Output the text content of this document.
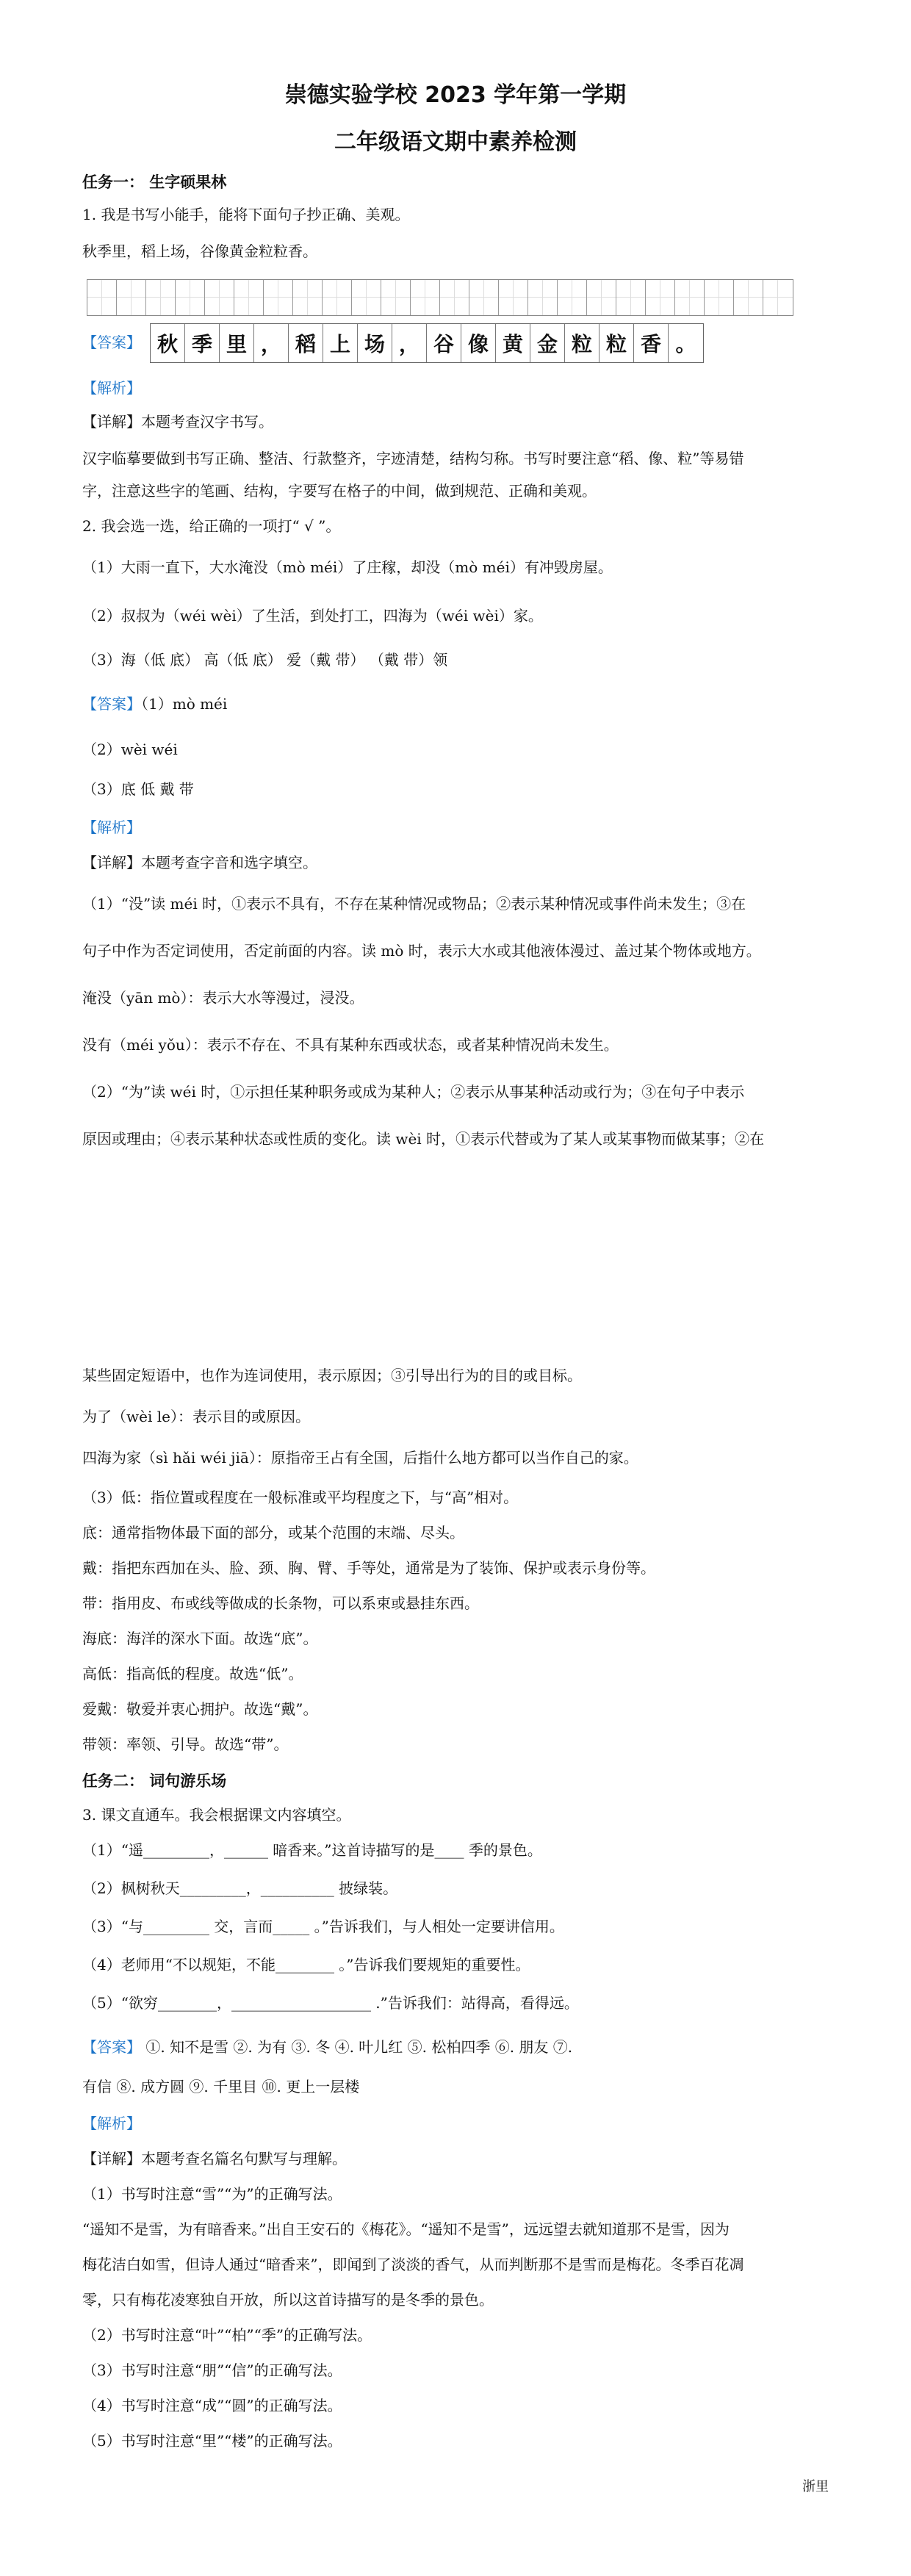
崇德实验学校 2023 学年第一学期
二年级语文期中素养检测
任务一： 生字硕果林
1. 我是书写小能手，能将下面句子抄正确、美观。
秋季里，稻上场，谷像黄金粒粒香。
【答案】 秋 季 里 ， 稻 上 场 ， 谷 像 黄 金 粒 粒 香 。
【解析】
【详解】本题考查汉字书写。
汉字临摹要做到书写正确、整洁、行款整齐，字迹清楚，结构匀称。书写时要注意“稻、像、粒”等易错
字，注意这些字的笔画、结构，字要写在格子的中间，做到规范、正确和美观。
2. 我会选一选，给正确的一项打“ √ ”。
（1）大雨一直下，大水淹没（mò méi）了庄稼，却没（mò méi）有冲毁房屋。
（2）叔叔为（wéi wèi）了生活，到处打工，四海为（wéi wèi）家。
（3）海（低 底） 高（低 底） 爱（戴 带） （戴 带）领
【答案】（1）mò méi
（2）wèi wéi
（3）底 低 戴 带
【解析】
【详解】本题考查字音和选字填空。
（1）“没”读 méi 时，①表示不具有，不存在某种情况或物品；②表示某种情况或事件尚未发生；③在
句子中作为否定词使用，否定前面的内容。读 mò 时，表示大水或其他液体漫过、盖过某个物体或地方。
淹没（yān mò）：表示大水等漫过，浸没。
没有（méi yǒu）：表示不存在、不具有某种东西或状态，或者某种情况尚未发生。
（2）“为”读 wéi 时，①示担任某种职务或成为某种人；②表示从事某种活动或行为；③在句子中表示
原因或理由；④表示某种状态或性质的变化。读 wèi 时，①表示代替或为了某人或某事物而做某事；②在
某些固定短语中，也作为连词使用，表示原因；③引导出行为的目的或目标。
为了（wèi le）：表示目的或原因。
四海为家（sì hǎi wéi jiā）：原指帝王占有全国，后指什么地方都可以当作自己的家。
（3）低：指位置或程度在一般标准或平均程度之下，与“高”相对。
底：通常指物体最下面的部分，或某个范围的末端、尽头。
戴：指把东西加在头、脸、颈、胸、臂、手等处，通常是为了装饰、保护或表示身份等。
带：指用皮、布或线等做成的长条物，可以系束或悬挂东西。
海底：海洋的深水下面。故选“底”。
高低：指高低的程度。故选“低”。
爱戴：敬爱并衷心拥护。故选“戴”。
带领：率领、引导。故选“带”。
任务二： 词句游乐场
3. 课文直通车。我会根据课文内容填空。
（1）“遥_________，______ 暗香来。”这首诗描写的是____ 季的景色。
（2）枫树秋天_________，__________ 披绿装。
（3）“与_________ 交，言而_____ 。”告诉我们，与人相处一定要讲信用。
（4）老师用“不以规矩，不能________ 。”告诉我们要规矩的重要性。
（5）“欲穷________，___________________ .”告诉我们：站得高，看得远。
【答案】 ①. 知不是雪 ②. 为有 ③. 冬 ④. 叶儿红 ⑤. 松柏四季 ⑥. 朋友 ⑦.
有信 ⑧. 成方圆 ⑨. 千里目 ⑩. 更上一层楼
【解析】
【详解】本题考查名篇名句默写与理解。
（1）书写时注意“雪”“为”的正确写法。
“遥知不是雪，为有暗香来。”出自王安石的《梅花》。“遥知不是雪”，远远望去就知道那不是雪，因为
梅花洁白如雪，但诗人通过“暗香来”，即闻到了淡淡的香气，从而判断那不是雪而是梅花。冬季百花凋
零，只有梅花凌寒独自开放，所以这首诗描写的是冬季的景色。
（2）书写时注意“叶”“柏”“季”的正确写法。
（3）书写时注意“朋”“信”的正确写法。
（4）书写时注意“成”“圆”的正确写法。
（5）书写时注意“里”“楼”的正确写法。
浙里
